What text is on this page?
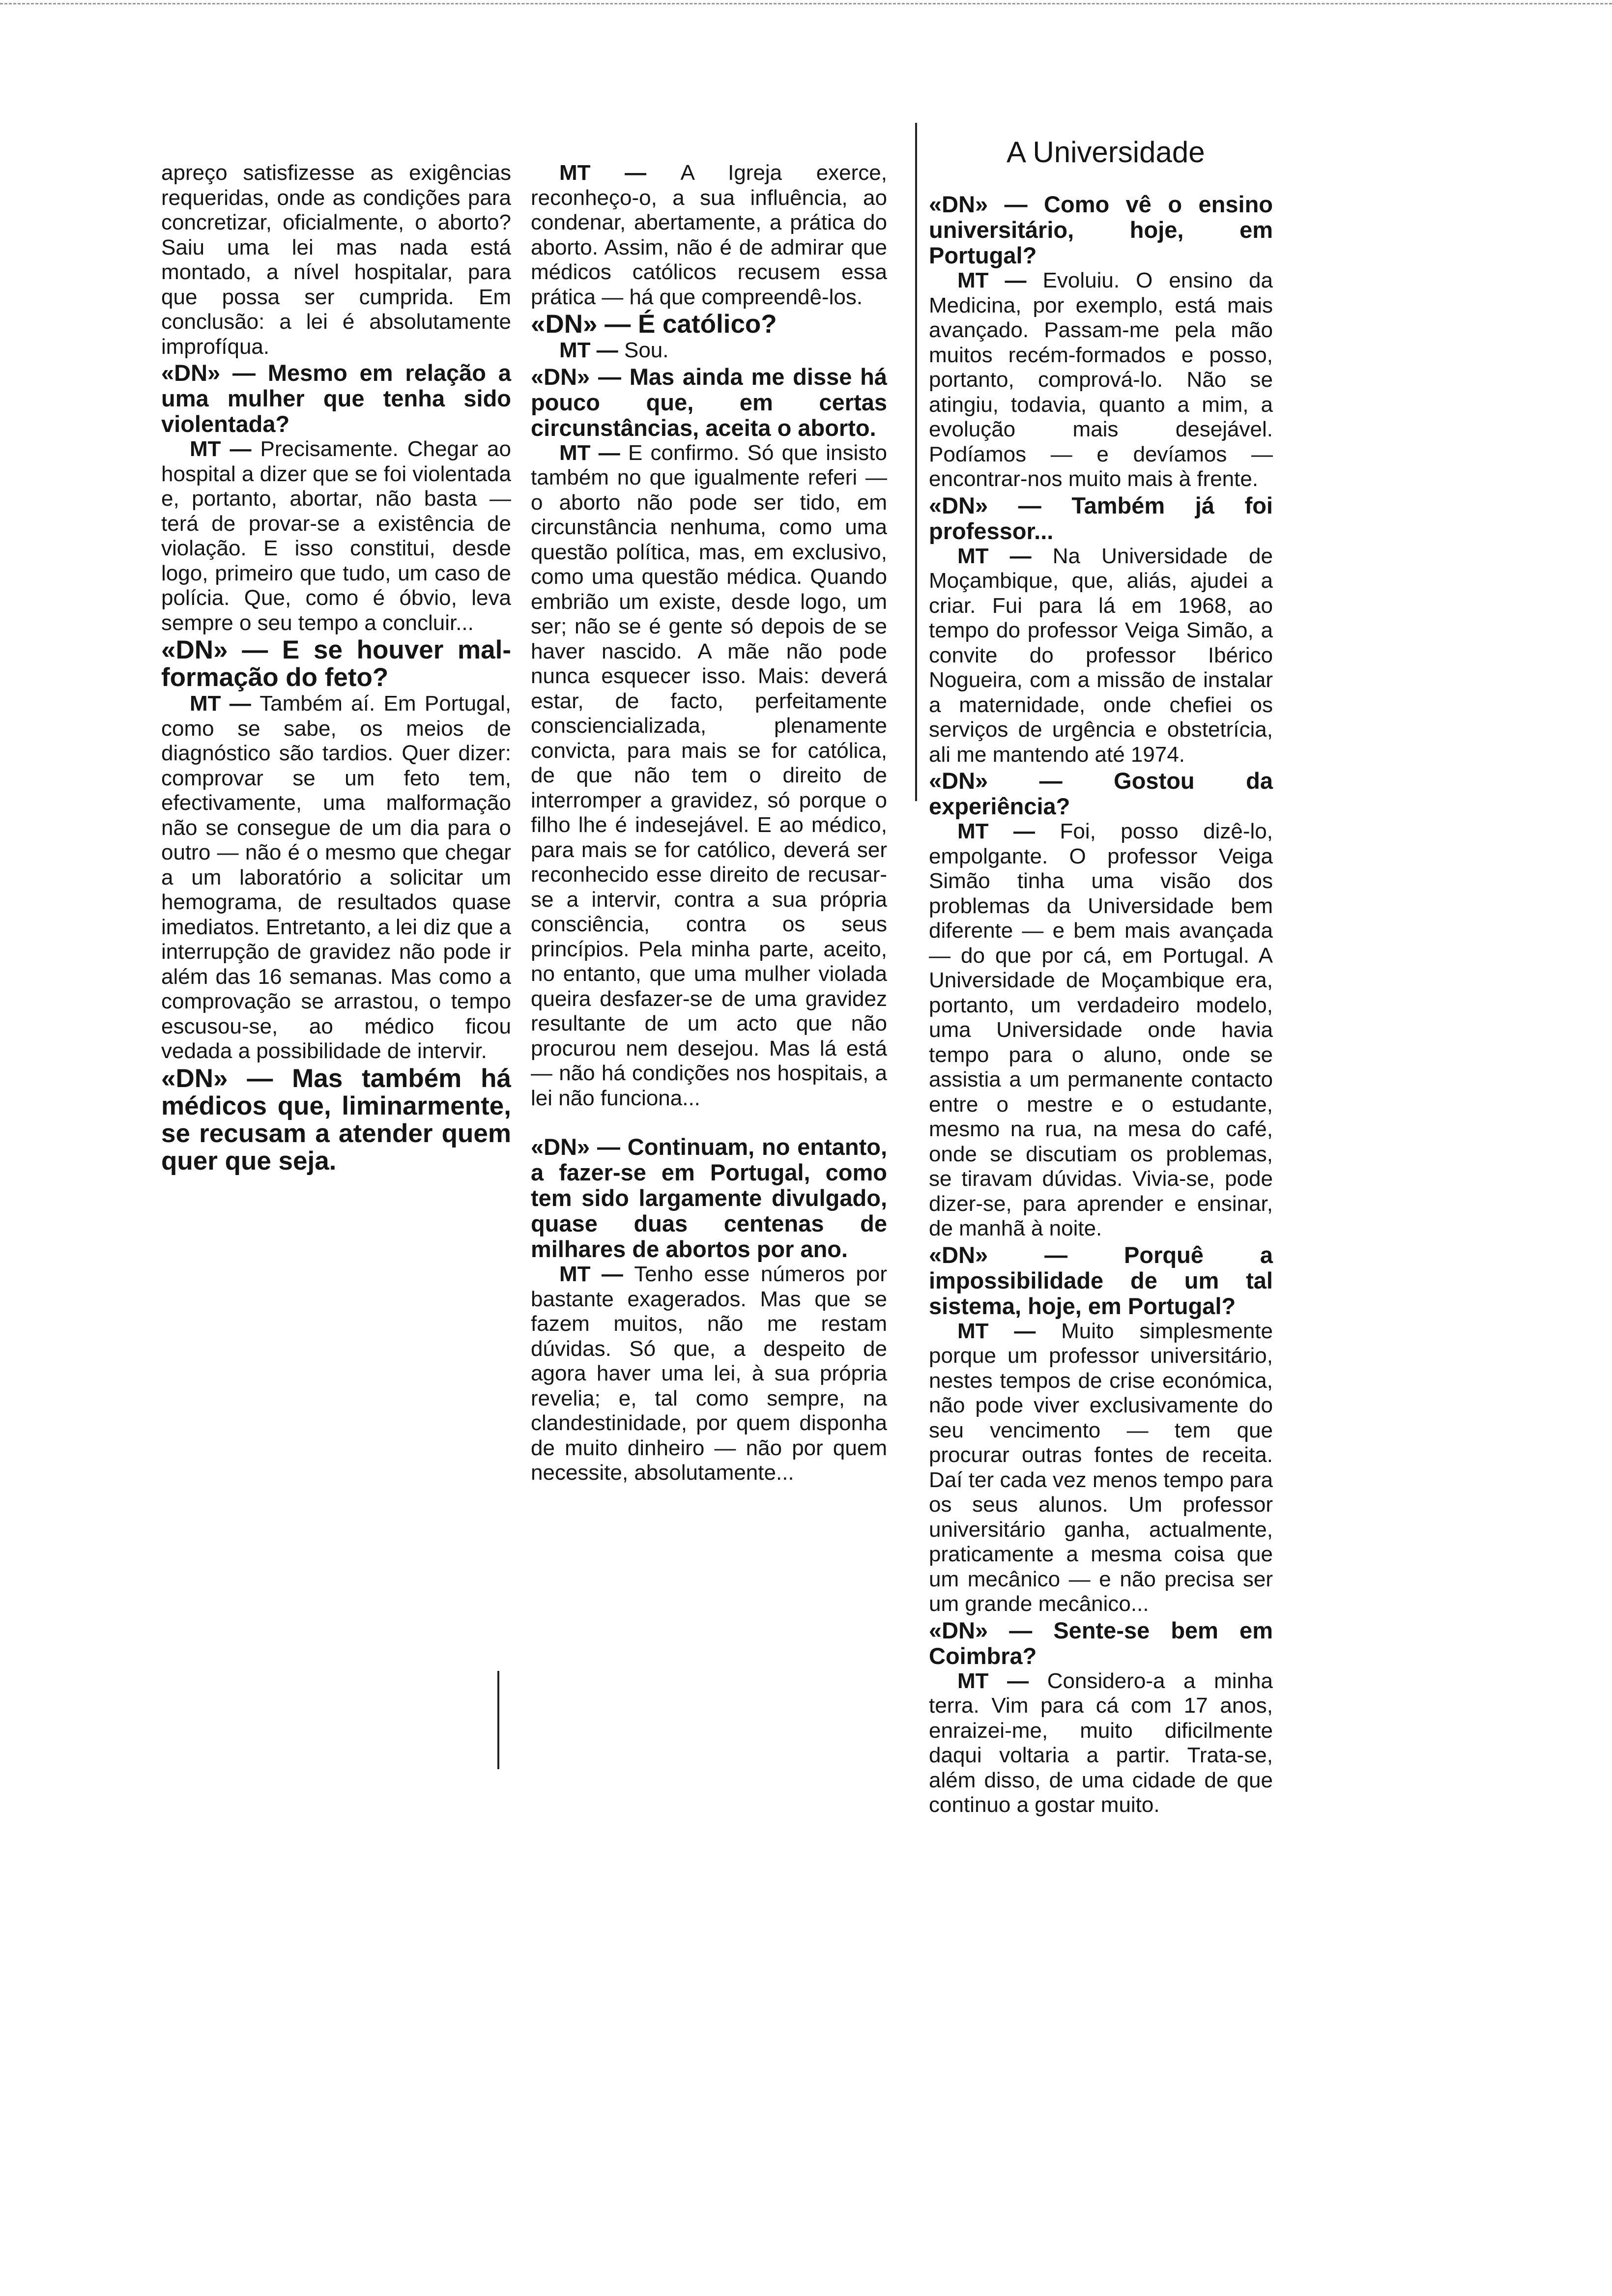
apreço satisfizesse as exigências requeridas, onde as condições para concretizar, oficialmente, o aborto? Saiu uma lei mas nada está montado, a nível hospitalar, para que possa ser cumprida. Em conclusão: a lei é absolutamente improfíqua.

«DN» — Mesmo em relação a uma mulher que tenha sido violentada?

MT — Precisamente. Chegar ao hospital a dizer que se foi violentada e, portanto, abortar, não basta — terá de provar-se a existência de violação. E isso constitui, desde logo, primeiro que tudo, um caso de polícia. Que, como é óbvio, leva sempre o seu tempo a concluir...

«DN» — E se houver mal-formação do feto?

MT — Também aí. Em Portugal, como se sabe, os meios de diagnóstico são tardios. Quer dizer: comprovar se um feto tem, efectivamente, uma malformação não se consegue de um dia para o outro — não é o mesmo que chegar a um laboratório a solicitar um hemograma, de resultados quase imediatos. Entretanto, a lei diz que a interrupção de gravidez não pode ir além das 16 semanas. Mas como a comprovação se arrastou, o tempo escusou-se, ao médico ficou vedada a possibilidade de intervir.

«DN» — Mas também há médicos que, liminarmente, se recusam a atender quem quer que seja.

MT — A Igreja exerce, reconheço-o, a sua influência, ao condenar, abertamente, a prática do aborto. Assim, não é de admirar que médicos católicos recusem essa prática — há que compreendê-los.

«DN» — É católico?

MT — Sou.

«DN» — Mas ainda me disse há pouco que, em certas circunstâncias, aceita o aborto.

MT — E confirmo. Só que insisto também no que igualmente referi — o aborto não pode ser tido, em circunstância nenhuma, como uma questão política, mas, em exclusivo, como uma questão médica. Quando embrião um existe, desde logo, um ser; não se é gente só depois de se haver nascido. A mãe não pode nunca esquecer isso. Mais: deverá estar, de facto, perfeitamente consciencializada, plenamente convicta, para mais se for católica, de que não tem o direito de interromper a gravidez, só porque o filho lhe é indesejável. E ao médico, para mais se for católico, deverá ser reconhecido esse direito de recusar-se a intervir, contra a sua própria consciência, contra os seus princípios. Pela minha parte, aceito, no entanto, que uma mulher violada queira desfazer-se de uma gravidez resultante de um acto que não procurou nem desejou. Mas lá está — não há condições nos hospitais, a lei não funciona...

«DN» — Continuam, no entanto, a fazer-se em Portugal, como tem sido largamente divulgado, quase duas centenas de milhares de abortos por ano.

MT — Tenho esse números por bastante exagerados. Mas que se fazem muitos, não me restam dúvidas. Só que, a despeito de agora haver uma lei, à sua própria revelia; e, tal como sempre, na clandestinidade, por quem disponha de muito dinheiro — não por quem necessite, absolutamente...

A Universidade

«DN» — Como vê o ensino universitário, hoje, em Portugal?

MT — Evoluiu. O ensino da Medicina, por exemplo, está mais avançado. Passam-me pela mão muitos recém-formados e posso, portanto, comprová-lo. Não se atingiu, todavia, quanto a mim, a evolução mais desejável. Podíamos — e devíamos — encontrar-nos muito mais à frente.

«DN» — Também já foi professor...

MT — Na Universidade de Moçambique, que, aliás, ajudei a criar. Fui para lá em 1968, ao tempo do professor Veiga Simão, a convite do professor Ibérico Nogueira, com a missão de instalar a maternidade, onde chefiei os serviços de urgência e obstetrícia, ali me mantendo até 1974.

«DN» — Gostou da experiência?

MT — Foi, posso dizê-lo, empolgante. O professor Veiga Simão tinha uma visão dos problemas da Universidade bem diferente — e bem mais avançada — do que por cá, em Portugal. A Universidade de Moçambique era, portanto, um verdadeiro modelo, uma Universidade onde havia tempo para o aluno, onde se assistia a um permanente contacto entre o mestre e o estudante, mesmo na rua, na mesa do café, onde se discutiam os problemas, se tiravam dúvidas. Vivia-se, pode dizer-se, para aprender e ensinar, de manhã à noite.

«DN» — Porquê a impossibilidade de um tal sistema, hoje, em Portugal?

MT — Muito simplesmente porque um professor universitário, nestes tempos de crise económica, não pode viver exclusivamente do seu vencimento — tem que procurar outras fontes de receita. Daí ter cada vez menos tempo para os seus alunos. Um professor universitário ganha, actualmente, praticamente a mesma coisa que um mecânico — e não precisa ser um grande mecânico...

«DN» — Sente-se bem em Coimbra?

MT — Considero-a a minha terra. Vim para cá com 17 anos, enraizei-me, muito dificilmente daqui voltaria a partir. Trata-se, além disso, de uma cidade de que continuo a gostar muito.
